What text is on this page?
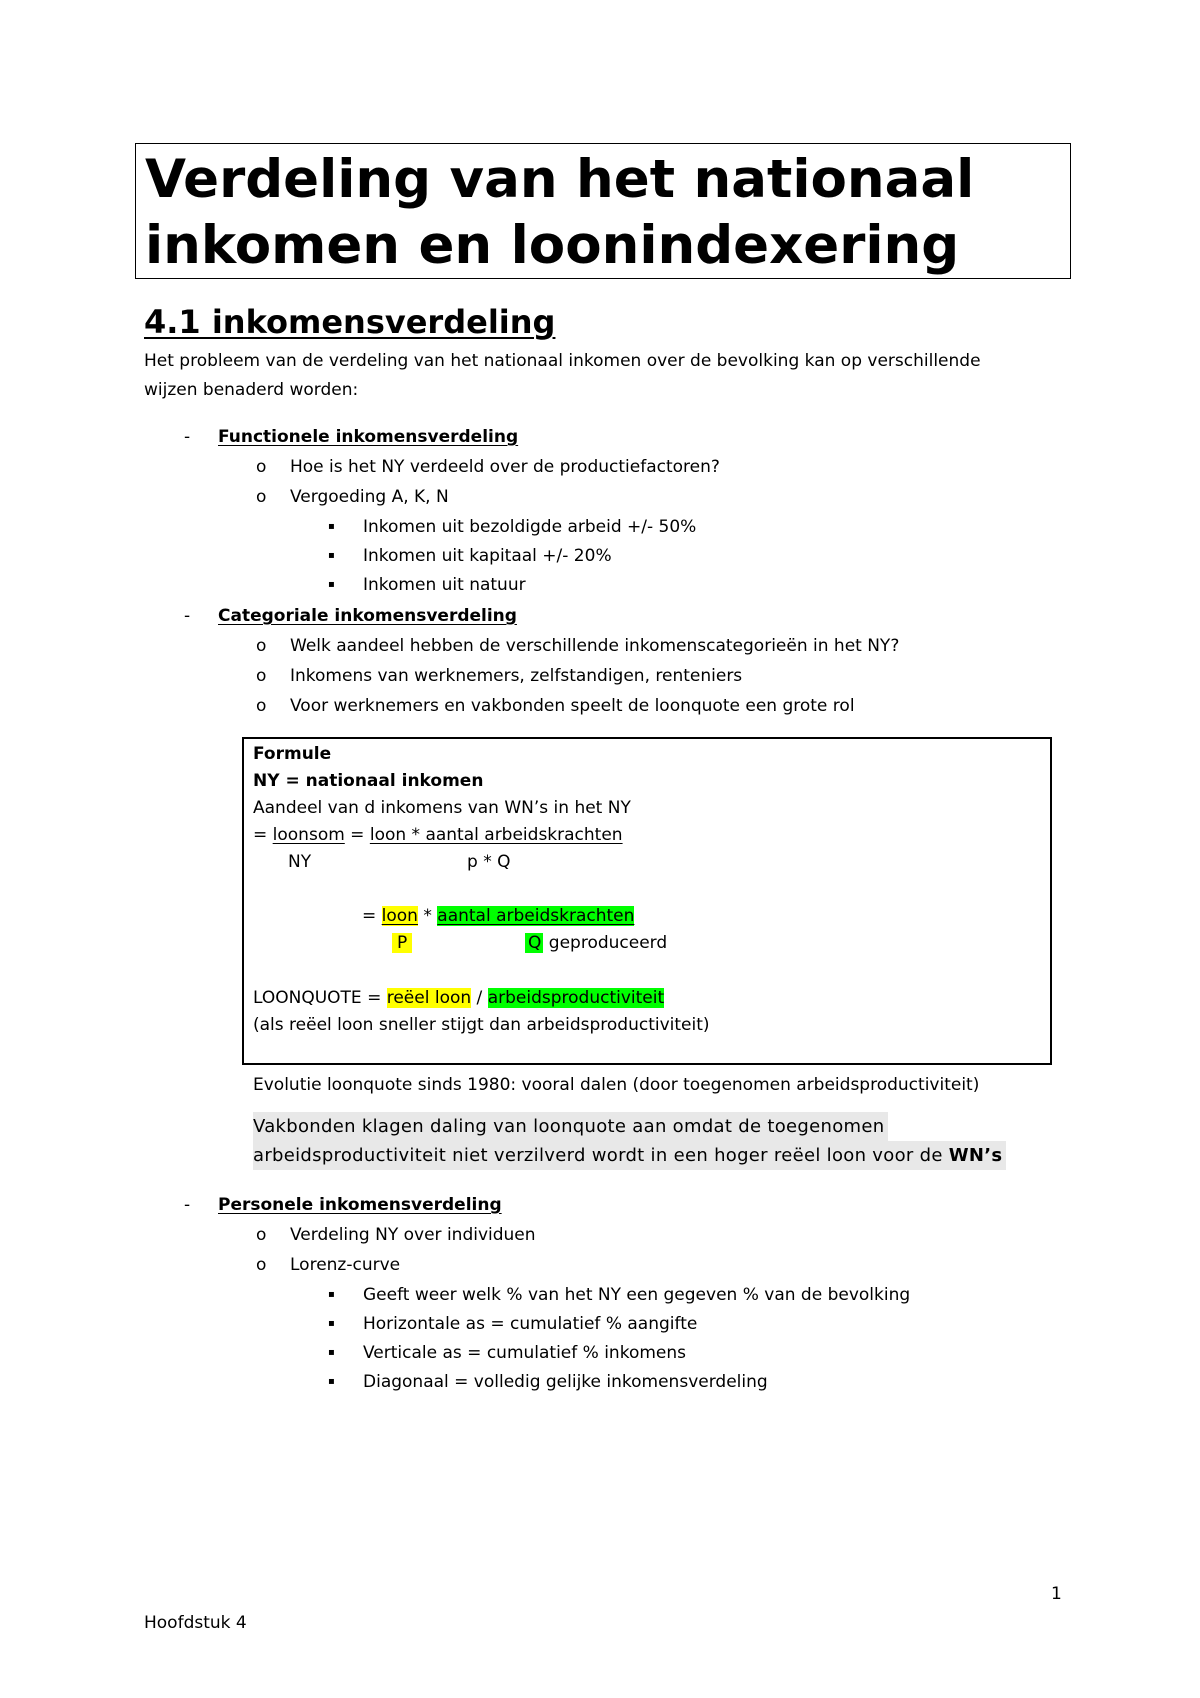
Verdeling van het nationaal
inkomen en loonindexering
4.1 inkomensverdeling
Het probleem van de verdeling van het nationaal inkomen over de bevolking kan op verschillende
wijzen benaderd worden:
- Functionele inkomensverdeling
o Hoe is het NY verdeeld over de productiefactoren?
o Vergoeding A, K, N
▪ Inkomen uit bezoldigde arbeid +/- 50%
▪ Inkomen uit kapitaal +/- 20%
▪ Inkomen uit natuur
- Categoriale inkomensverdeling
o Welk aandeel hebben de verschillende inkomenscategorieën in het NY?
o Inkomens van werknemers, zelfstandigen, renteniers
o Voor werknemers en vakbonden speelt de loonquote een grote rol
Formule
NY = nationaal inkomen
Aandeel van d inkomens van WN’s in het NY
= loonsom = loon * aantal arbeidskrachten
NY	p * Q
= loon * aantal arbeidskrachten
P	Q geproduceerd
LOONQUOTE = reëel loon / arbeidsproductiviteit
(als reëel loon sneller stijgt dan arbeidsproductiviteit)
Evolutie loonquote sinds 1980: vooral dalen (door toegenomen arbeidsproductiviteit)
Vakbonden klagen daling van loonquote aan omdat de toegenomen
arbeidsproductiviteit niet verzilverd wordt in een hoger reëel loon voor de WN’s
- Personele inkomensverdeling
o Verdeling NY over individuen
o Lorenz-curve
▪ Geeft weer welk % van het NY een gegeven % van de bevolking
▪ Horizontale as = cumulatief % aangifte
▪ Verticale as = cumulatief % inkomens
▪ Diagonaal = volledig gelijke inkomensverdeling
1
Hoofdstuk 4
